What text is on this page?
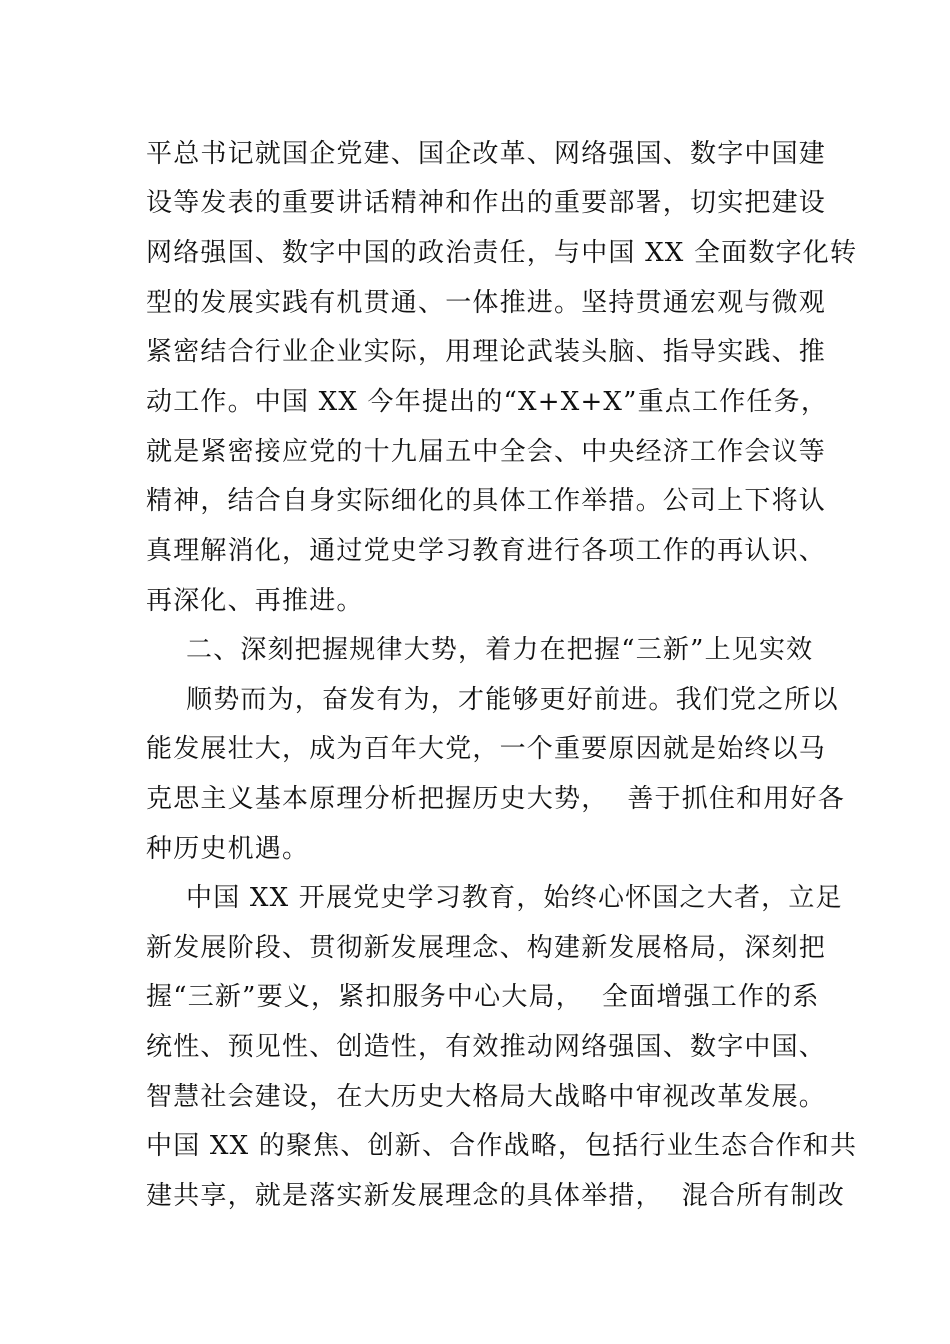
平总书记就国企党建、国企改革、网络强国、数字中国建
设等发表的重要讲话精神和作出的重要部署，切实把建设
网络强国、数字中国的政治责任，与中国 XX 全面数字化转
型的发展实践有机贯通、一体推进。坚持贯通宏观与微观
紧密结合行业企业实际，用理论武装头脑、指导实践、推
动工作。中国 XX 今年提出的“X+X+X”重点工作任务，
就是紧密接应党的十九届五中全会、中央经济工作会议等
精神，结合自身实际细化的具体工作举措。公司上下将认
真理解消化，通过党史学习教育进行各项工作的再认识、
再深化、再推进。
二、深刻把握规律大势，着力在把握“三新”上见实效
顺势而为，奋发有为，才能够更好前进。我们党之所以
能发展壮大，成为百年大党，一个重要原因就是始终以马
克思主义基本原理分析把握历史大势，  善于抓住和用好各
种历史机遇。
中国 XX 开展党史学习教育，始终心怀国之大者，立足
新发展阶段、贯彻新发展理念、构建新发展格局，深刻把
握“三新”要义，紧扣服务中心大局，  全面增强工作的系
统性、预见性、创造性，有效推动网络强国、数字中国、
智慧社会建设，在大历史大格局大战略中审视改革发展。
中国 XX 的聚焦、创新、合作战略，包括行业生态合作和共
建共享，就是落实新发展理念的具体举措，  混合所有制改
